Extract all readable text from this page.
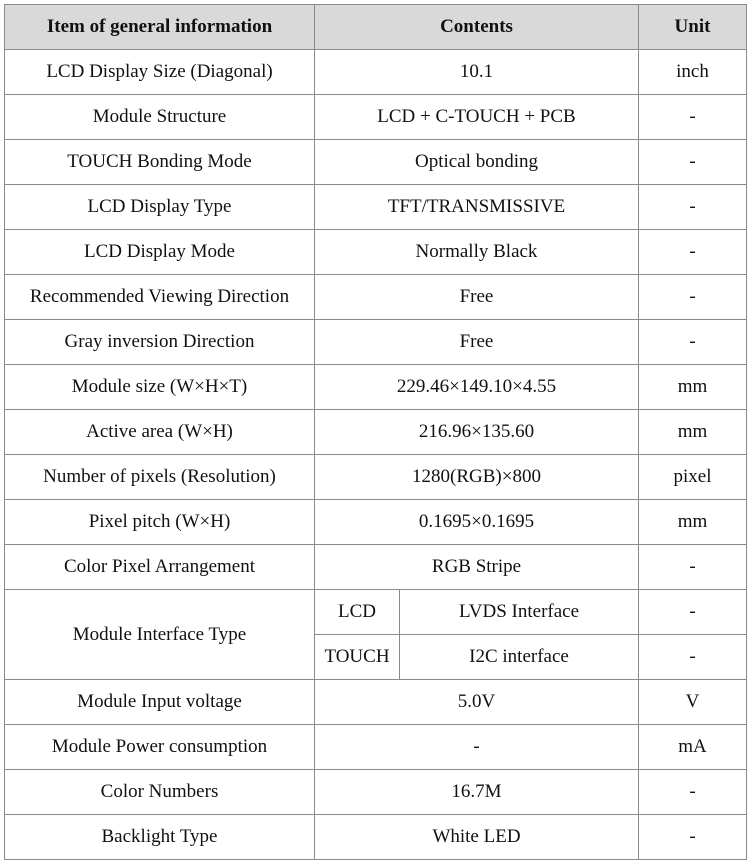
Item of general information	Contents		Unit
LCD Display Size (Diagonal)	10.1		inch
Module Structure	LCD + C-TOUCH + PCB		-
TOUCH Bonding Mode	Optical bonding		-
LCD Display Type	TFT/TRANSMISSIVE		-
LCD Display Mode	Normally Black		-
Recommended Viewing Direction	Free		-
Gray inversion Direction	Free		-
Module size (W×H×T)	229.46×149.10×4.55		mm
Active area (W×H)	216.96×135.60		mm
Number of pixels (Resolution)	1280(RGB)×800		pixel
Pixel pitch (W×H)	0.1695×0.1695		mm
Color Pixel Arrangement	RGB Stripe		-
Module Interface Type	LCD	LVDS Interface	-
	TOUCH	I2C interface	-
Module Input voltage	5.0V		V
Module Power consumption	-		mA
Color Numbers	16.7M		-
Backlight Type	White LED		-
